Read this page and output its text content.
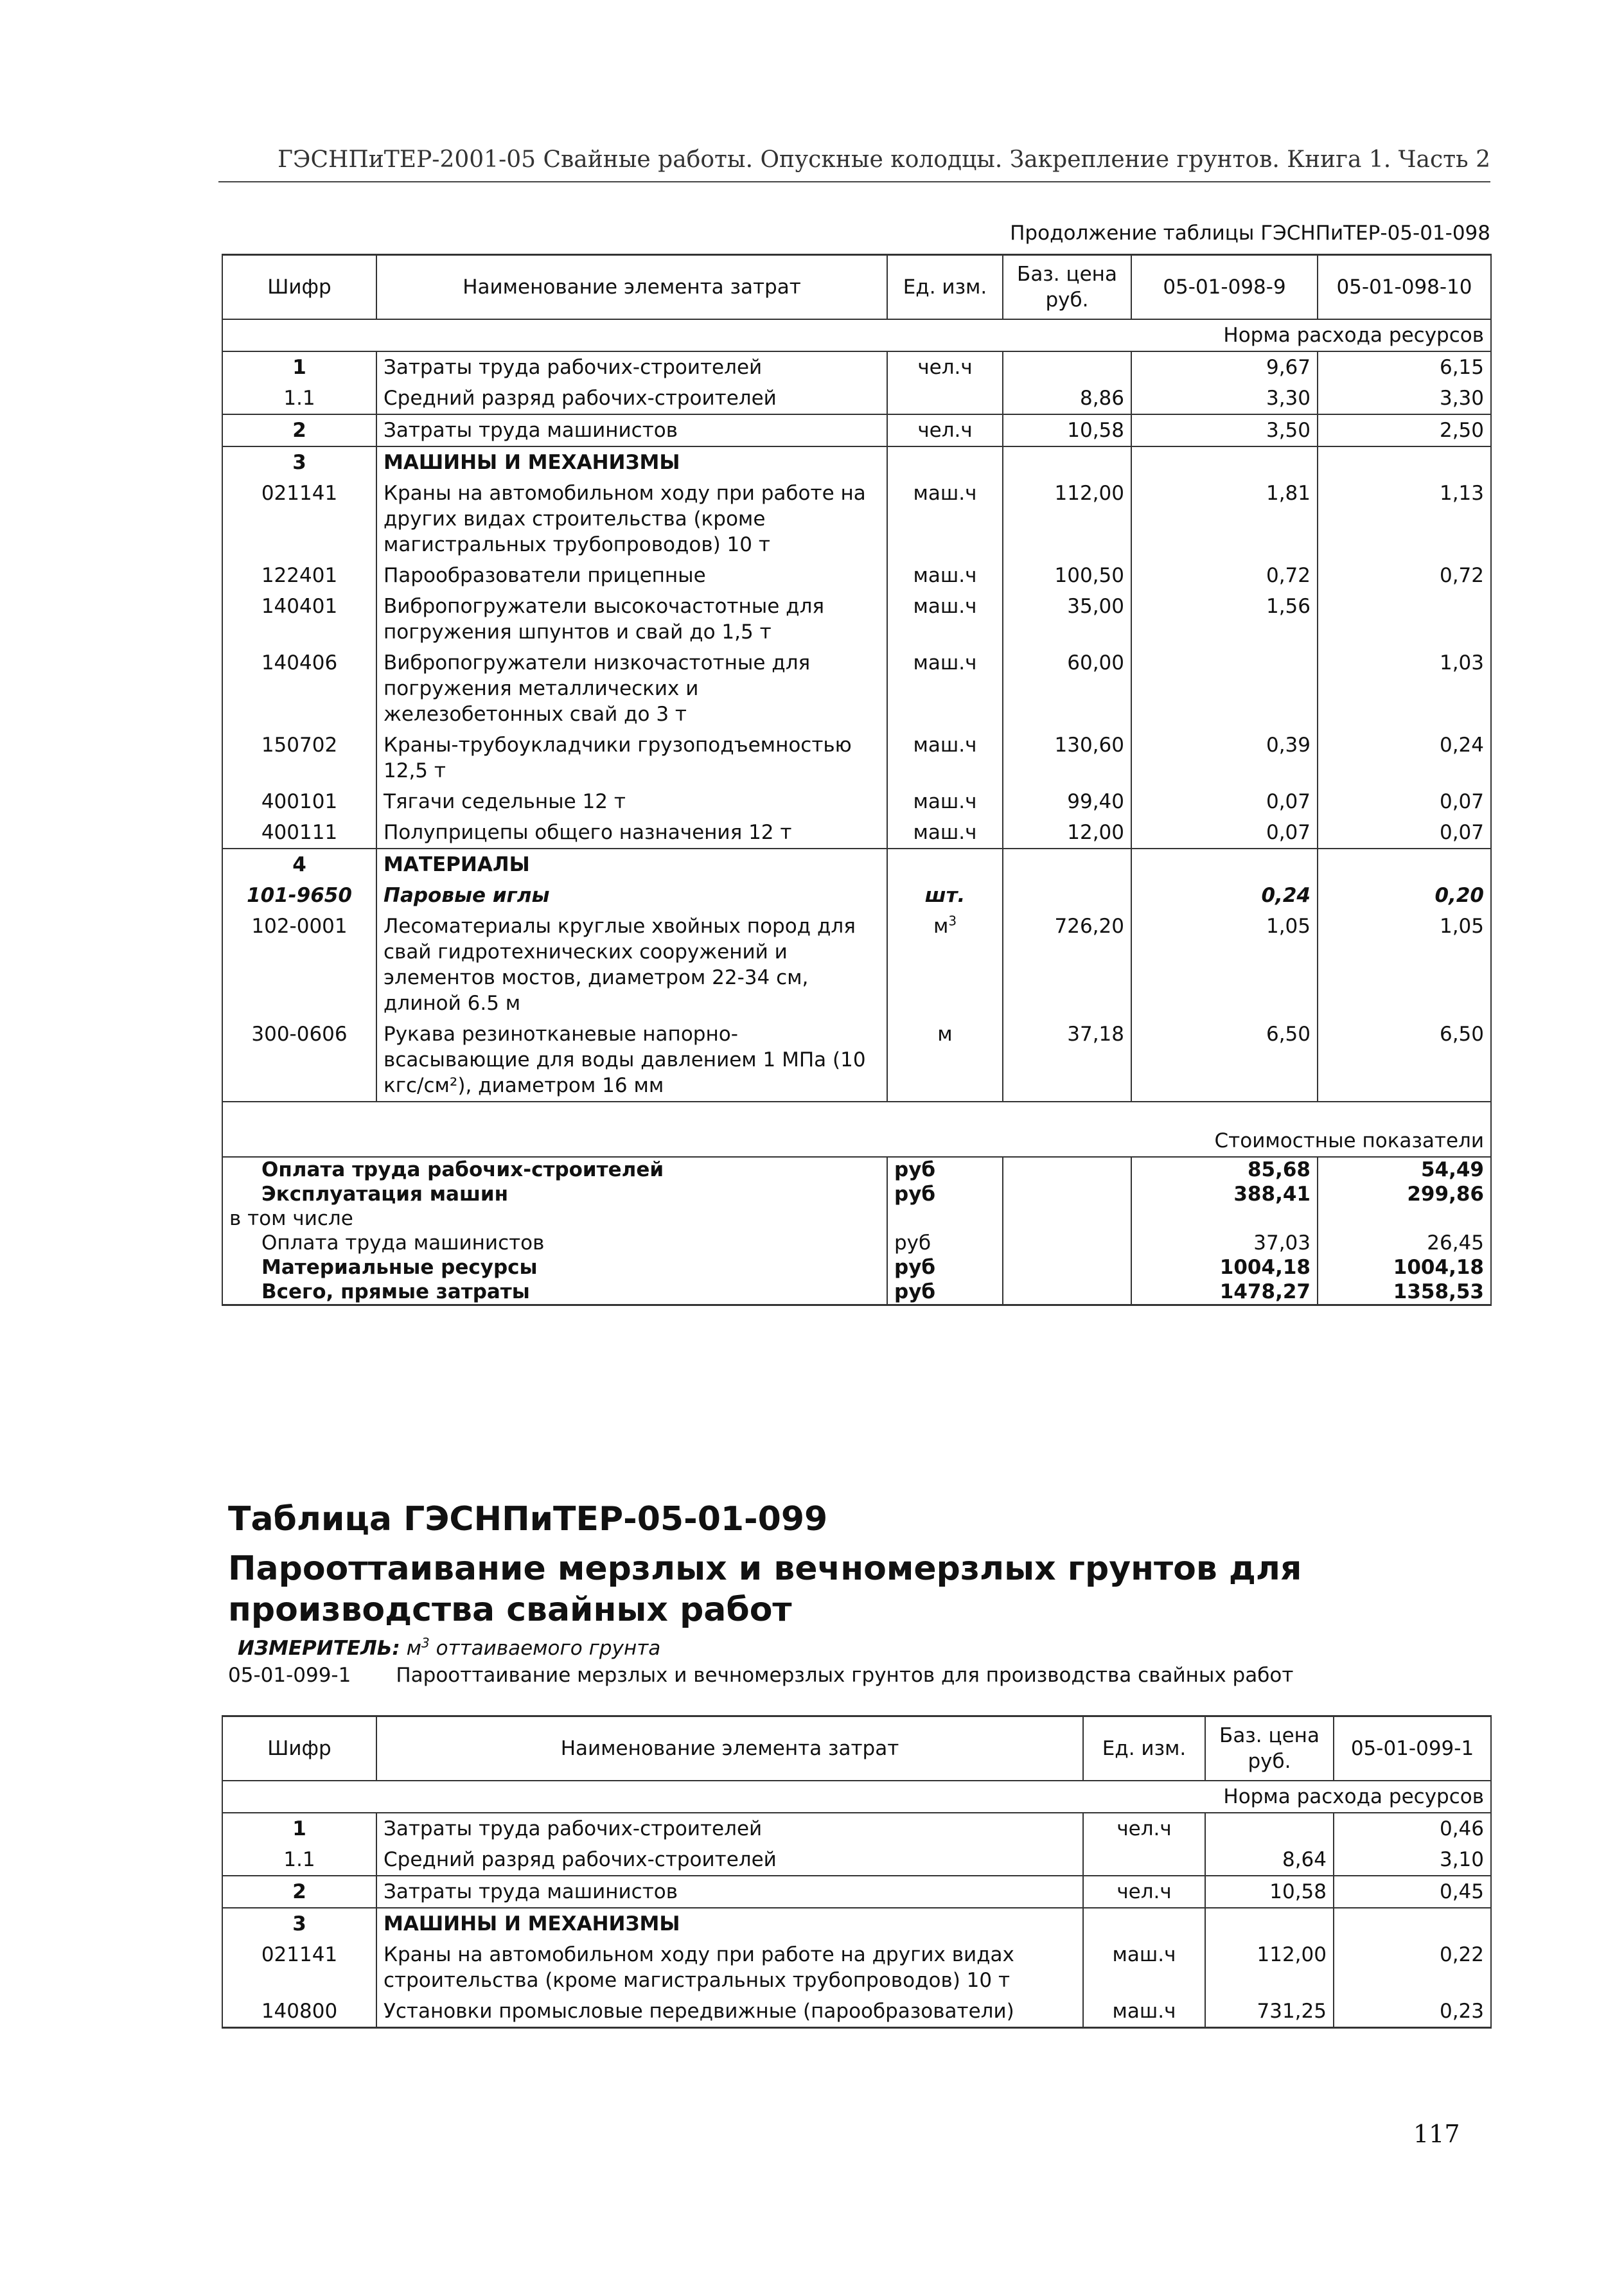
ГЭСНПиТЕР-2001-05 Свайные работы. Опускные колодцы. Закрепление грунтов. Книга 1. Часть 2
Продолжение таблицы ГЭСНПиТЕР-05-01-098
Шифр	Наименование элемента затрат	Ед. изм.	Баз. цена руб.	05-01-098-9	05-01-098-10
Норма расхода ресурсов					
1	Затраты труда рабочих-строителей	чел.ч		9,67	6,15
1.1	Средний разряд рабочих-строителей		8,86	3,30	3,30
2	Затраты труда машинистов	чел.ч	10,58	3,50	2,50
3	МАШИНЫ И МЕХАНИЗМЫ				
021141	Краны на автомобильном ходу при работе на других видах строительства (кроме магистральных трубопроводов) 10 т	маш.ч	112,00	1,81	1,13
122401	Парообразователи прицепные	маш.ч	100,50	0,72	0,72
140401	Вибропогружатели высокочастотные для погружения шпунтов и свай до 1,5 т	маш.ч	35,00	1,56	
140406	Вибропогружатели низкочастотные для погружения металлических и железобетонных свай до 3 т	маш.ч	60,00		1,03
150702	Краны-трубоукладчики грузоподъемностью 12,5 т	маш.ч	130,60	0,39	0,24
400101	Тягачи седельные 12 т	маш.ч	99,40	0,07	0,07
400111	Полуприцепы общего назначения 12 т	маш.ч	12,00	0,07	0,07
4	МАТЕРИАЛЫ				
101-9650	Паровые иглы	шт.		0,24	0,20
102-0001	Лесоматериалы круглые хвойных пород для свай гидротехнических сооружений и элементов мостов, диаметром 22-34 см, длиной 6.5 м	$м^3$	726,20	1,05	1,05
300-0606	Рукава резинотканевые напорно-всасывающие для воды давлением 1 МПа (10 кгс/см²), диаметром 16 мм	м	37,18	6,50	6,50
Стоимостные показатели					
Оплата труда рабочих-строителей		руб		85,68	54,49
Эксплуатация машин		руб		388,41	299,86
в том числе					
Оплата труда машинистов		руб		37,03	26,45
Материальные ресурсы		руб		1004,18	1004,18
Всего, прямые затраты		руб		1478,27	1358,53
Таблица ГЭСНПиТЕР-05-01-099
Парооттаивание мерзлых и вечномерзлых грунтов для производства свайных работ
ИЗМЕРИТЕЛЬ: $м^3$ оттаиваемого грунта
05-01-099-1 Парооттаивание мерзлых и вечномерзлых грунтов для производства свайных работ
Шифр	Наименование элемента затрат	Ед. изм.	Баз. цена руб.	05-01-099-1
Норма расхода ресурсов				
1	Затраты труда рабочих-строителей	чел.ч		0,46
1.1	Средний разряд рабочих-строителей		8,64	3,10
2	Затраты труда машинистов	чел.ч	10,58	0,45
3	МАШИНЫ И МЕХАНИЗМЫ			
021141	Краны на автомобильном ходу при работе на других видах строительства (кроме магистральных трубопроводов) 10 т	маш.ч	112,00	0,22
140800	Установки промысловые передвижные (парообразователи)	маш.ч	731,25	0,23
117
